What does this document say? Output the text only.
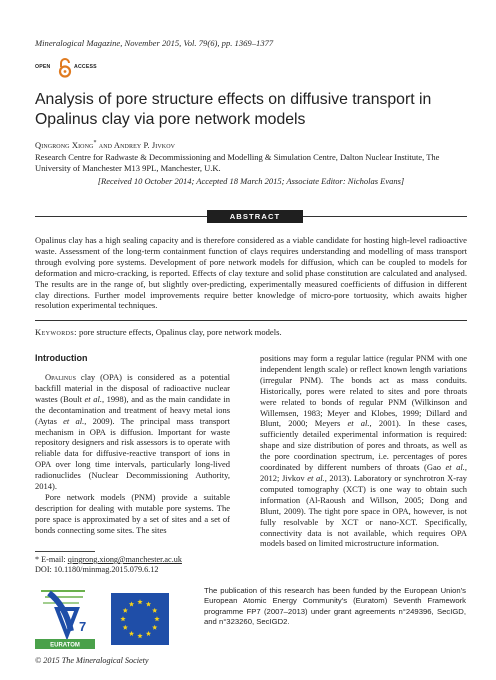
Mineralogical Magazine, November 2015, Vol. 79(6), pp. 1369–1377
OPEN	ACCESS
Analysis of pore structure effects on diffusive transport in Opalinus clay via pore network models
Qingrong Xiong* and Andrey P. Jivkov
Research Centre for Radwaste & Decommissioning and Modelling & Simulation Centre, Dalton Nuclear Institute, The University of Manchester M13 9PL, Manchester, U.K.
[Received 10 October 2014; Accepted 18 March 2015; Associate Editor: Nicholas Evans]
ABSTRACT
Opalinus clay has a high sealing capacity and is therefore considered as a viable candidate for hosting high-level radioactive waste. Assessment of the long-term containment function of clays requires understanding and modelling of mass transport through evolving pore systems. Development of pore network models for diffusion, which can be coupled to models for deformation and micro-cracking, is reported. Effects of clay texture and solid phase constitution are calculated and analysed. The results are in the range of, but slightly over-predicting, experimentally measured coefficients of diffusion in different clay directions. Further model improvements require better knowledge of micro-pore tortuosity, which awaits higher resolution experimental techniques.
Keywords: pore structure effects, Opalinus clay, pore network models.
Introduction

Opalinus clay (OPA) is considered as a potential backfill material in the disposal of radioactive nuclear wastes (Boult et al., 1998), and as the main candidate in the decontamination and treatment of heavy metal ions (Aytas et al., 2009). The principal mass transport mechanism in OPA is diffusion. Important for waste repository designers and risk assessors is to operate with reliable data for diffusive-reactive transport of ions in OPA over long time intervals, particularly long-lived radionuclides (Nuclear Decommissioning Authority, 2014).

Pore network models (PNM) provide a suitable description for dealing with mutable pore systems. The pore space is approximated by a set of sites and a set of bonds connecting some sites. The sites

positions may form a regular lattice (regular PNM with one independent length scale) or reflect known length variations (irregular PNM). The bonds act as mass conduits. Historically, pores were related to sites and pore throats were related to bonds of regular PNM (Wilkinson and Willemsen, 1983; Meyer and Klobes, 1999; Dillard and Blunt, 2000; Meyers et al., 2001). In these cases, sufficiently detailed experimental information is required: shape and size distribution of pores and throats, as well as the pore coordination spectrum, i.e. percentages of pores coordinated by different numbers of throats (Gao et al., 2012; Jivkov et al., 2013). Laboratory or synchrotron X-ray computed tomography (XCT) is one way to obtain such information (Al-Raoush and Willson, 2005; Dong and Blunt, 2009). The tight pore space in OPA, however, is not fully resolvable by XCT or nano-XCT. Specifically, connectivity data is not available, which requires OPA models based on limited microstructure information.

* E-mail: qingrong.xiong@manchester.ac.uk
DOI: 10.1180/minmag.2015.079.6.12
7
EURATOM
The publication of this research has been funded by the European Union's European Atomic Energy Community's (Euratom) Seventh Framework programme FP7 (2007–2013) under grant agreements n°249396, SecIGD, and n°323260, SecIGD2.
© 2015 The Mineralogical Society
